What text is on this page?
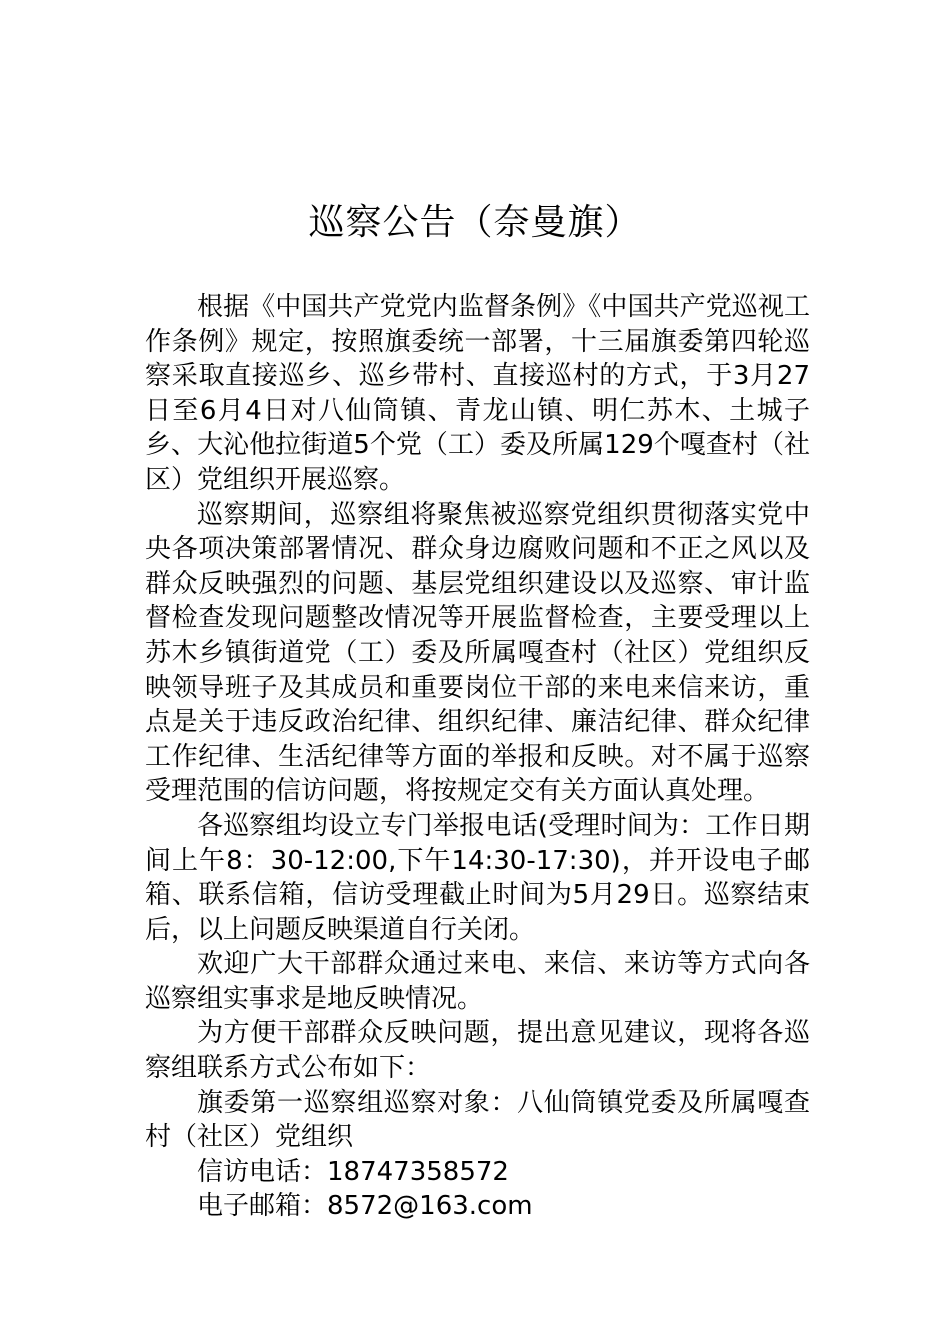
巡察公告（奈曼旗）

根据《中国共产党党内监督条例》《中国共产党巡视工作条例》规定，按照旗委统一部署，十三届旗委第四轮巡察采取直接巡乡、巡乡带村、直接巡村的方式，于3月27日至6月4日对八仙筒镇、青龙山镇、明仁苏木、土城子乡、大沁他拉街道5个党（工）委及所属129个嘎查村（社区）党组织开展巡察。

巡察期间，巡察组将聚焦被巡察党组织贯彻落实党中央各项决策部署情况、群众身边腐败问题和不正之风以及群众反映强烈的问题、基层党组织建设以及巡察、审计监督检查发现问题整改情况等开展监督检查，主要受理以上苏木乡镇街道党（工）委及所属嘎查村（社区）党组织反映领导班子及其成员和重要岗位干部的来电来信来访，重点是关于违反政治纪律、组织纪律、廉洁纪律、群众纪律工作纪律、生活纪律等方面的举报和反映。对不属于巡察受理范围的信访问题，将按规定交有关方面认真处理。

各巡察组均设立专门举报电话(受理时间为：工作日期间上午8：30-12:00,下午14:30-17:30)，并开设电子邮箱、联系信箱，信访受理截止时间为5月29日。巡察结束后，以上问题反映渠道自行关闭。

欢迎广大干部群众通过来电、来信、来访等方式向各巡察组实事求是地反映情况。

为方便干部群众反映问题，提出意见建议，现将各巡察组联系方式公布如下：

旗委第一巡察组巡察对象：八仙筒镇党委及所属嘎查村（社区）党组织

信访电话：18747358572

电子邮箱：8572@163.com
